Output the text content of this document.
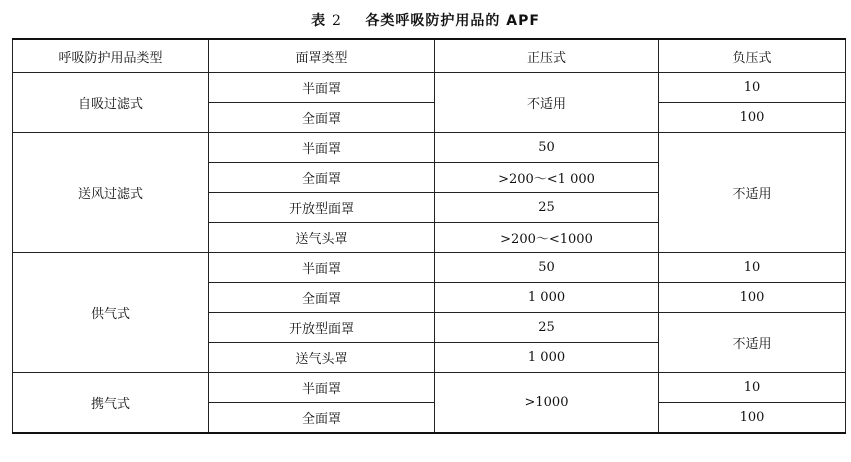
表 2 各类呼吸防护用品的 APF
呼吸防护用品类型	面罩类型	正压式	负压式
自吸过滤式	半面罩	不适用	10
	全面罩		100
送风过滤式	半面罩	50	不适用
	全面罩	>200～<1 000	
	开放型面罩	25	
	送气头罩	>200～<1000	
供气式	半面罩	50	10
	全面罩	1 000	100
	开放型面罩	25	不适用
	送气头罩	1 000	
携气式	半面罩	>1000	10
	全面罩		100
